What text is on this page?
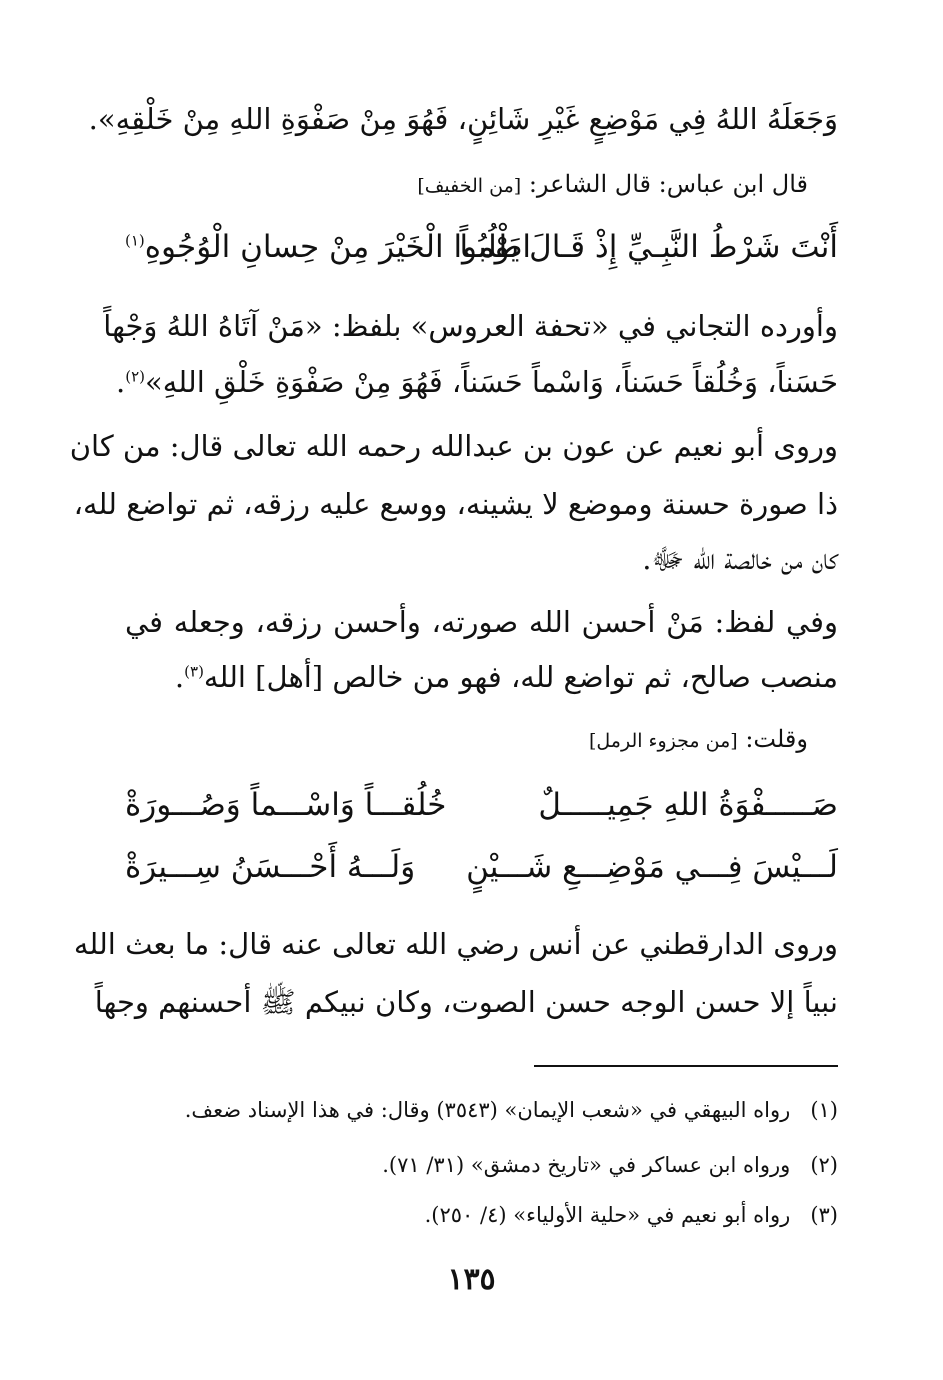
وَجَعَلَهُ اللهُ فِي مَوْضِعٍ غَيْرِ شَائِنٍ، فَهُوَ مِنْ صَفْوَةِ اللهِ مِنْ خَلْقِهِ».
قال ابن عباس: قال الشاعر: [من الخفيف]
أَنْتَ شَرْطُ النَّبِـيِّ إِذْ قَـالَ يَوْمـاً
اطْلُبُوا الْخَيْرَ مِنْ حِسانِ الْوُجُوهِ$^{(١)}$
وأورده التجاني في «تحفة العروس» بلفظ: «مَنْ آتَاهُ اللهُ وَجْهاً
حَسَناً، وَخُلُقاً حَسَناً، وَاسْماً حَسَناً، فَهُوَ مِنْ صَفْوَةِ خَلْقِ اللهِ»$^{(٢)}$.
وروى أبو نعيم عن عون بن عبدالله رحمه الله تعالى قال: من كان
ذا صورة حسنة وموضع لا يشينه، ووسع عليه رزقه، ثم تواضع لله،
كان من خالصة الله ﷻ.
وفي لفظ: مَنْ أحسن الله صورته، وأحسن رزقه، وجعله في
منصب صالح، ثم تواضع لله، فهو من خالص [أهل] الله$^{(٣)}$.
وقلت: [من مجزوء الرمل]
صَـــــفْوَةُ اللهِ جَمِيـــــلٌ
خُلُقـــاً وَاسْـــماً وَصُـــورَةْ
لَـــيْسَ فِـــي مَوْضِـــعِ شَـــيْنٍ
وَلَـــهُ أَحْـــسَنُ سِـــيرَةْ
وروى الدارقطني عن أنس رضي الله تعالى عنه قال: ما بعث الله
نبياً إلا حسن الوجه حسن الصوت، وكان نبيكم ﷺ أحسنهم وجهاً
(١)   رواه البيهقي في «شعب الإيمان» (٣٥٤٣) وقال: في هذا الإسناد ضعف.
(٢)   ورواه ابن عساكر في «تاريخ دمشق» (٣١/ ٧١).
(٣)   رواه أبو نعيم في «حلية الأولياء» (٤/ ٢٥٠).
١٣٥
